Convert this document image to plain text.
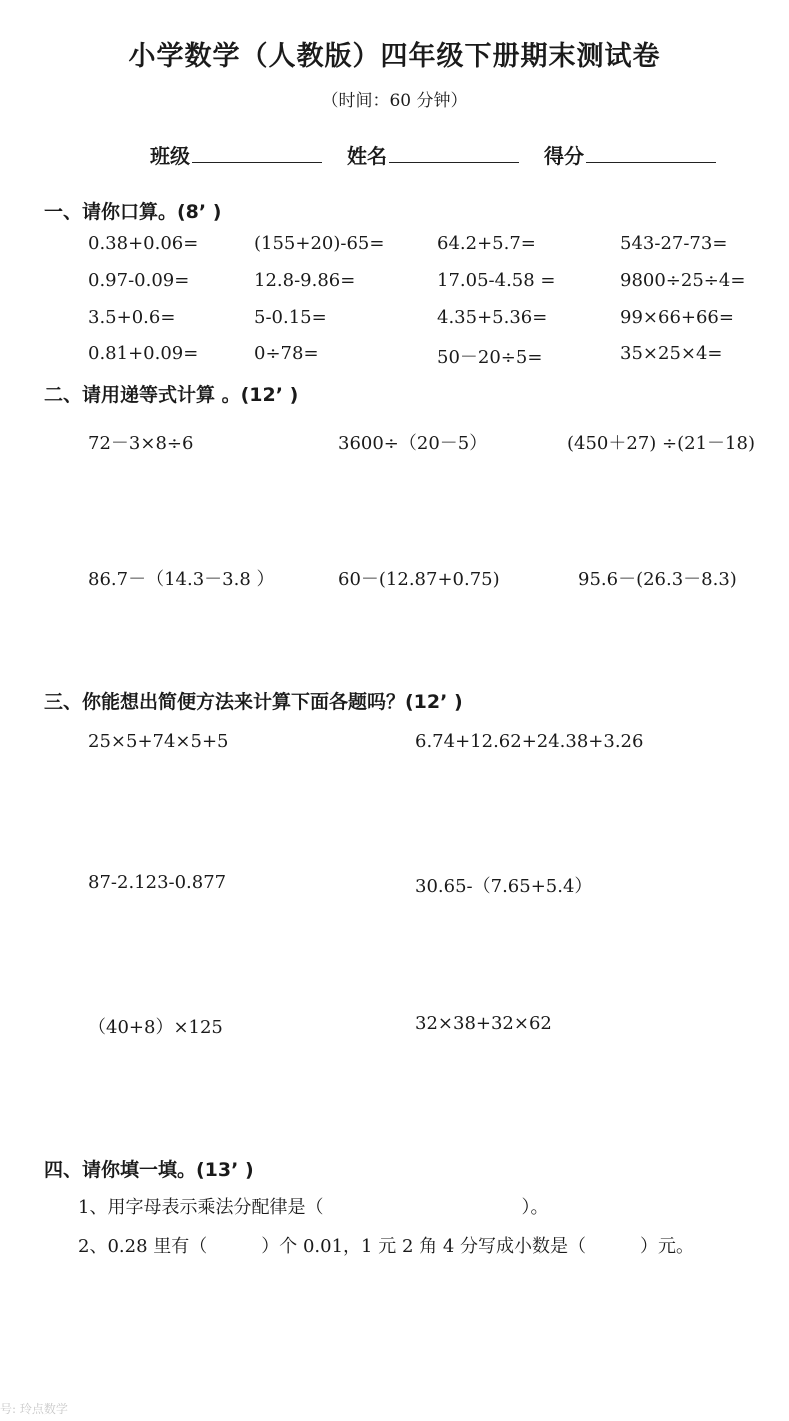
小学数学（人教版）四年级下册期末测试卷
（时间：60 分钟）
班级	姓名	得分
一、请你口算。(8’ )
0.38+0.06=	(155+20)-65=	64.2+5.7=	543-27-73=
0.97-0.09=	12.8-9.86=	17.05-4.58 =	9800÷25÷4=
3.5+0.6=	5-0.15=	4.35+5.36=	99×66+66=
0.81+0.09=	0÷78=	50－20÷5=	35×25×4=
二、请用递等式计算 。(12’ )
72－3×8÷6	3600÷（20－5）	(450＋27) ÷(21－18)
86.7－（14.3－3.8 ）	60－(12.87+0.75)	95.6－(26.3－8.3)
三、你能想出简便方法来计算下面各题吗？(12’ )
25×5+74×5+5	6.74+12.62+24.38+3.26
87-2.123-0.877	30.65-（7.65+5.4）
（40+8）×125	32×38+32×62
四、请你填一填。(13’ )
1、用字母表示乘法分配律是（　　　　　　　　　　　）。
2、0.28 里有（　　　）个 0.01，1 元 2 角 4 分写成小数是（　　　）元。
号: 玲点数学
